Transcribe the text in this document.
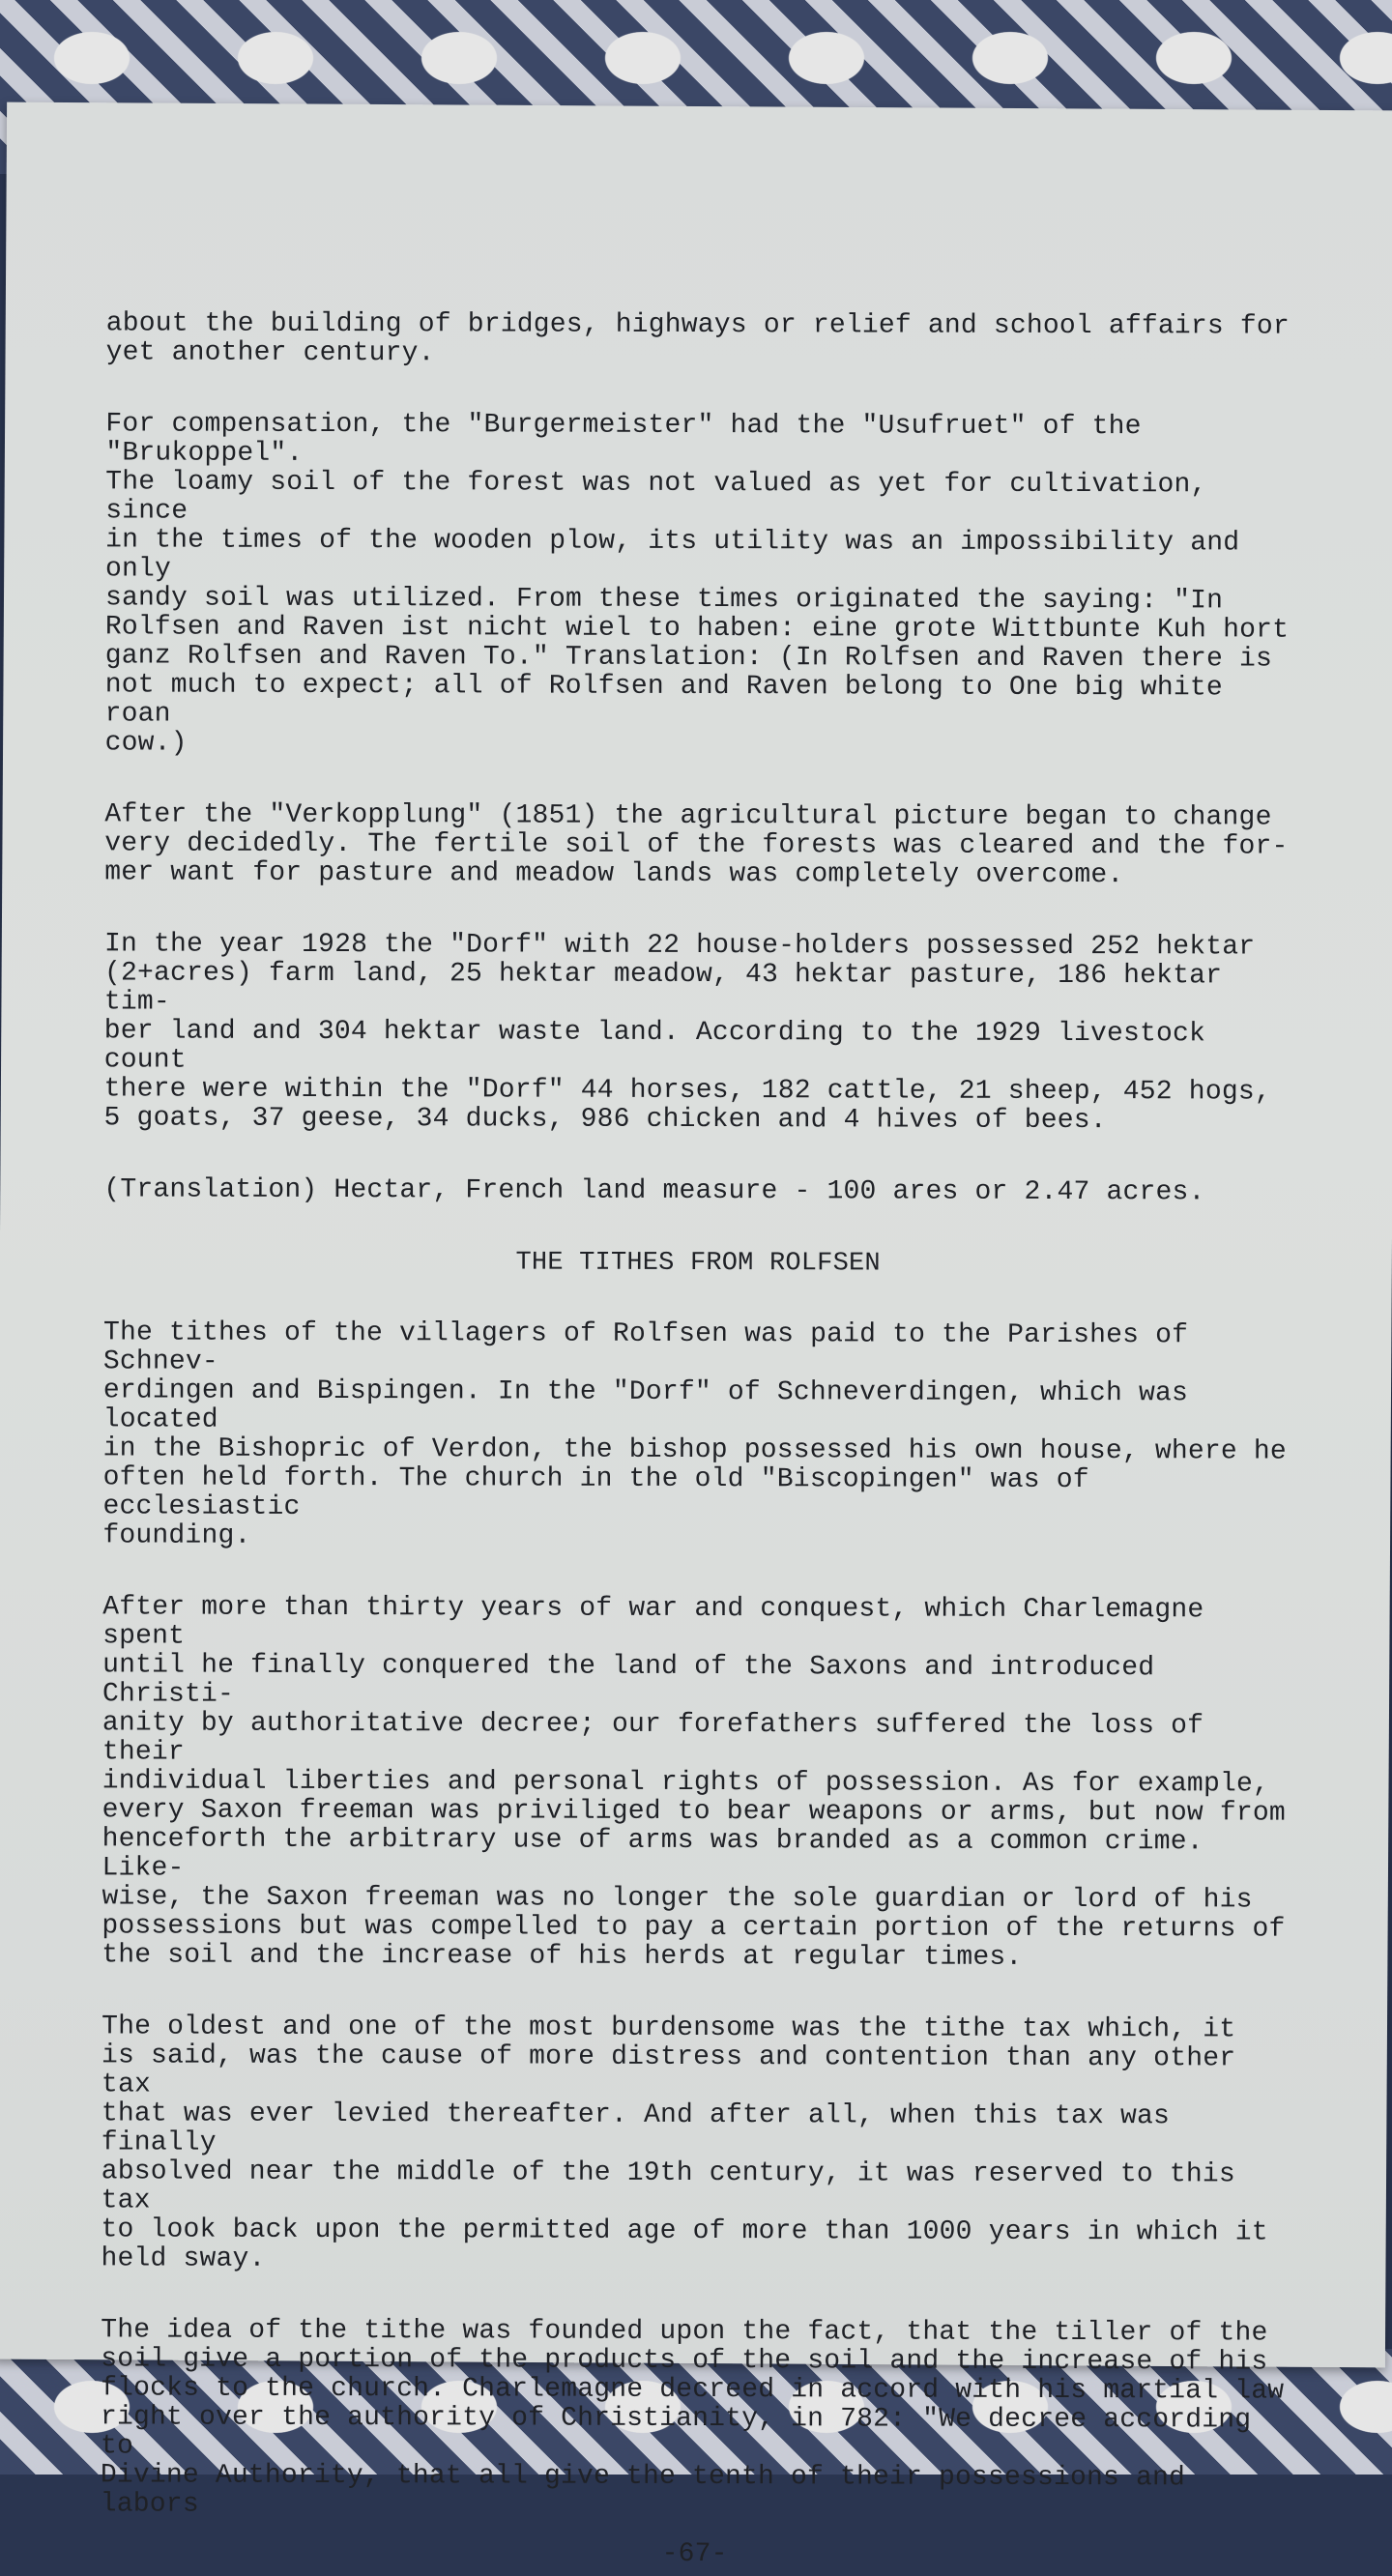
about the building of bridges, highways or relief and school affairs for
yet another century.

For compensation, the "Burgermeister" had the "Usufruet" of the "Brukoppel".
The loamy soil of the forest was not valued as yet for cultivation, since
in the times of the wooden plow, its utility was an impossibility and only
sandy soil was utilized. From these times originated the saying: "In
Rolfsen and Raven ist nicht wiel to haben: eine grote Wittbunte Kuh hort
ganz Rolfsen and Raven To." Translation: (In Rolfsen and Raven there is
not much to expect; all of Rolfsen and Raven belong to One big white roan
cow.)

After the "Verkopplung" (1851) the agricultural picture began to change
very decidedly. The fertile soil of the forests was cleared and the for-
mer want for pasture and meadow lands was completely overcome.

In the year 1928 the "Dorf" with 22 house-holders possessed 252 hektar
(2+acres) farm land, 25 hektar meadow, 43 hektar pasture, 186 hektar tim-
ber land and 304 hektar waste land. According to the 1929 livestock count
there were within the "Dorf" 44 horses, 182 cattle, 21 sheep, 452 hogs,
5 goats, 37 geese, 34 ducks, 986 chicken and 4 hives of bees.

(Translation) Hectar, French land measure - 100 ares or 2.47 acres.

THE TITHES FROM ROLFSEN

The tithes of the villagers of Rolfsen was paid to the Parishes of Schnev-
erdingen and Bispingen. In the "Dorf" of Schneverdingen, which was located
in the Bishopric of Verdon, the bishop possessed his own house, where he
often held forth. The church in the old "Biscopingen" was of ecclesiastic
founding.

After more than thirty years of war and conquest, which Charlemagne spent
until he finally conquered the land of the Saxons and introduced Christi-
anity by authoritative decree; our forefathers suffered the loss of their
individual liberties and personal rights of possession. As for example,
every Saxon freeman was priviliged to bear weapons or arms, but now from
henceforth the arbitrary use of arms was branded as a common crime. Like-
wise, the Saxon freeman was no longer the sole guardian or lord of his
possessions but was compelled to pay a certain portion of the returns of
the soil and the increase of his herds at regular times.

The oldest and one of the most burdensome was the tithe tax which, it
is said, was the cause of more distress and contention than any other tax
that was ever levied thereafter. And after all, when this tax was finally
absolved near the middle of the 19th century, it was reserved to this tax
to look back upon the permitted age of more than 1000 years in which it
held sway.

The idea of the tithe was founded upon the fact, that the tiller of the
soil give a portion of the products of the soil and the increase of his
flocks to the church. Charlemagne decreed in accord with his martial law
right over the authority of Christianity, in 782: "We decree according to
Divine Authority, that all give the tenth of their possessions and labors

-67-
